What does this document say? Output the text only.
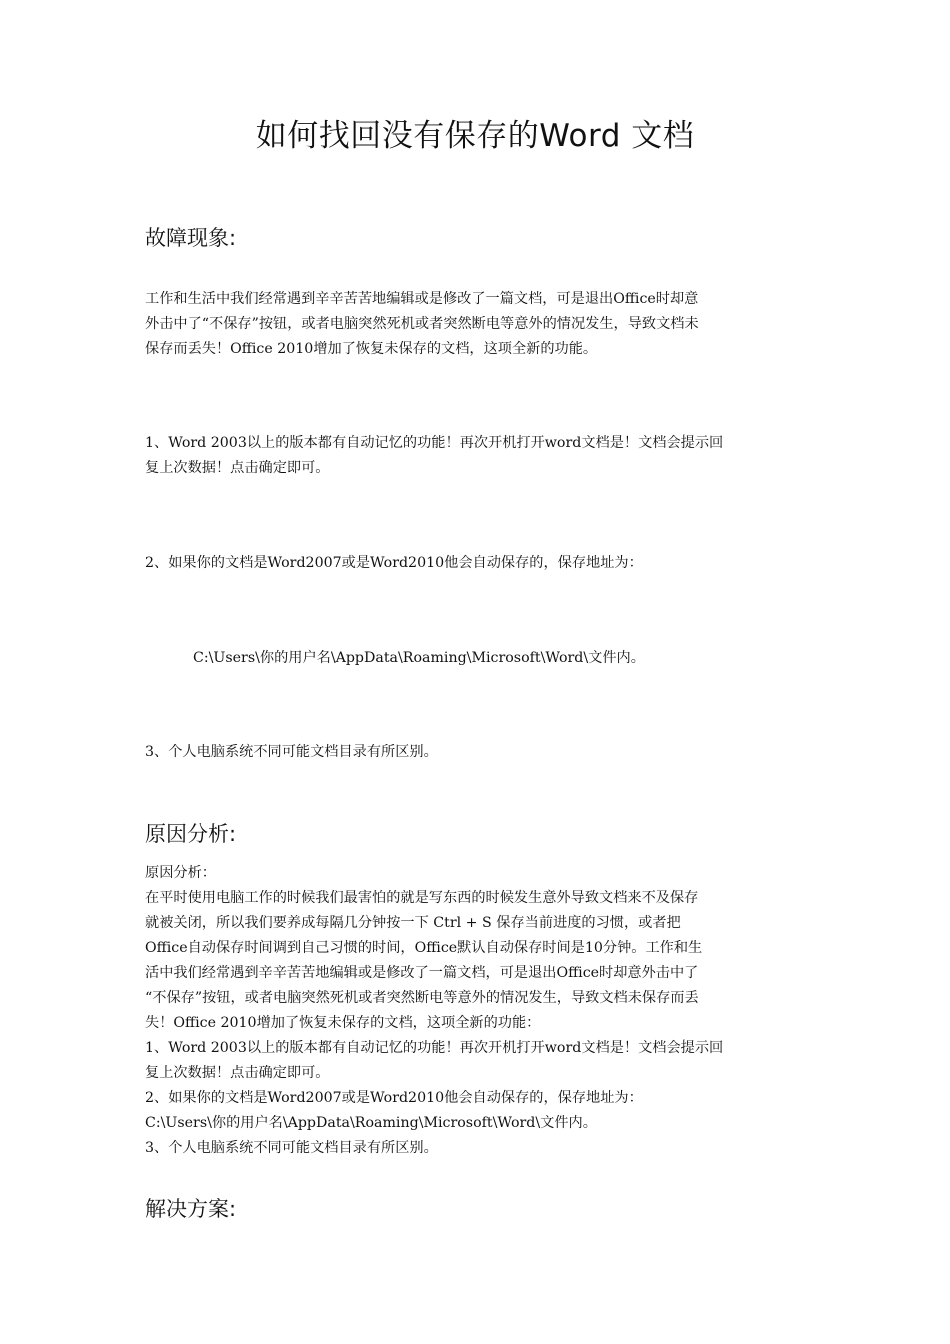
如何找回没有保存的Word 文档
故障现象:

工作和生活中我们经常遇到辛辛苦苦地编辑或是修改了一篇文档，可是退出Office时却意
外击中了“不保存”按钮，或者电脑突然死机或者突然断电等意外的情况发生，导致文档未
保存而丢失！Office 2010增加了恢复未保存的文档，这项全新的功能。

1、Word 2003以上的版本都有自动记忆的功能！再次开机打开word文档是！文档会提示回
复上次数据！点击确定即可。

2、如果你的文档是Word2007或是Word2010他会自动保存的，保存地址为：

C:\Users\你的用户名\AppData\Roaming\Microsoft\Word\文件内。

3、个人电脑系统不同可能文档目录有所区别。

原因分析:

原因分析：
在平时使用电脑工作的时候我们最害怕的就是写东西的时候发生意外导致文档来不及保存
就被关闭，所以我们要养成每隔几分钟按一下 Ctrl + S 保存当前进度的习惯，或者把
Office自动保存时间调到自己习惯的时间，Office默认自动保存时间是10分钟。工作和生
活中我们经常遇到辛辛苦苦地编辑或是修改了一篇文档，可是退出Office时却意外击中了
“不保存”按钮，或者电脑突然死机或者突然断电等意外的情况发生，导致文档未保存而丢
失！Office 2010增加了恢复未保存的文档，这项全新的功能：
1、Word 2003以上的版本都有自动记忆的功能！再次开机打开word文档是！文档会提示回
复上次数据！点击确定即可。
2、如果你的文档是Word2007或是Word2010他会自动保存的，保存地址为：
C:\Users\你的用户名\AppData\Roaming\Microsoft\Word\文件内。
3、个人电脑系统不同可能文档目录有所区别。

解决方案:
